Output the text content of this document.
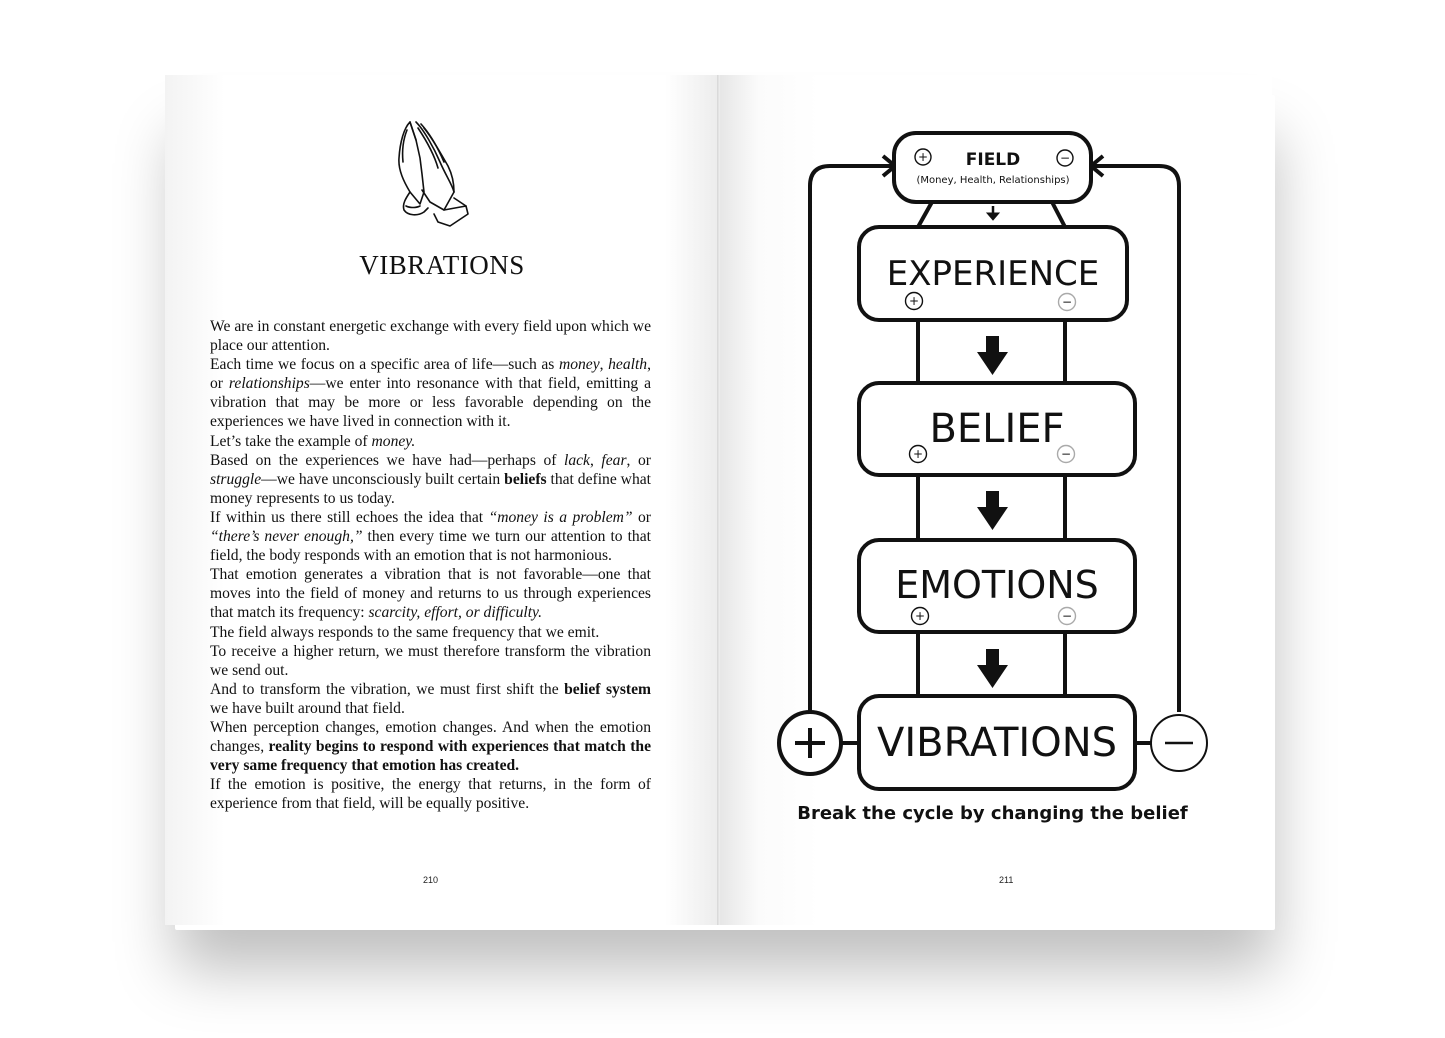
VIBRATIONS

We are in constant energetic exchange with every field upon which we place our attention.

Each time we focus on a specific area of life—such as money, health, or relationships—we enter into resonance with that field, emitting a vibration that may be more or less favorable depending on the experiences we have lived in connection with it.

Let’s take the example of money.

Based on the experiences we have had—perhaps of lack, fear, or struggle—we have unconsciously built certain beliefs that define what money represents to us today.

If within us there still echoes the idea that “money is a problem” or “there’s never enough,” then every time we turn our attention to that field, the body responds with an emotion that is not harmonious.

That emotion generates a vibration that is not favorable—one that moves into the field of money and returns to us through experiences that match its frequency: scarcity, effort, or difficulty.

The field always responds to the same frequency that we emit.

To receive a higher return, we must therefore transform the vibration we send out.

And to transform the vibration, we must first shift the belief system we have built around that field.

When perception changes, emotion changes. And when the emotion changes, reality begins to respond with experiences that match the very same frequency that emotion has created.

If the emotion is positive, the energy that returns, in the form of experience from that field, will be equally positive.

210	211
+	−
FIELD
(Money, Health, Relationships)
EXPERIENCE
+	−
BELIEF
+	−
EMOTIONS
+	−
VIBRATIONS
Break the cycle by changing the belief
